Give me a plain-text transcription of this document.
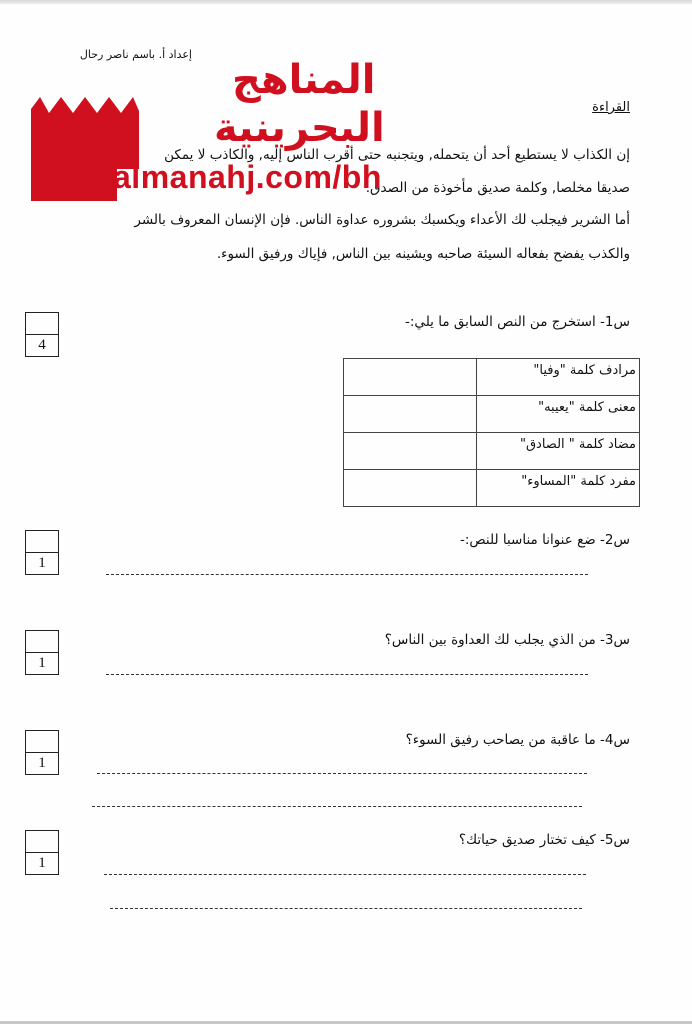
إعداد أ. باسم ناصر رحال
المناهج
البحرينية	القراءة
إن الكذاب لا يستطيع أحد أن يتحمله, ويتجنبه حتى أقرب الناس إليه, والكاذب لا يمكن
صديقا مخلصا, وكلمة صديق مأخوذة من الصدق.
أما الشرير فيجلب لك الأعداء ويكسبك بشروره عداوة الناس. فإن الإنسان المعروف بالشر
والكذب يفضح بفعاله السيئة صاحبه ويشينه بين الناس, فإياك ورفيق السوء.
almanahj.com/bh
4
س1- استخرج من النص السابق ما يلي:-
مرادف كلمة "وفيا"	
معنى كلمة "يعيبه"	
مضاد كلمة " الصادق"	
مفرد كلمة "المساوء"	
1
س2- ضع عنوانا مناسبا للنص:-
1
س3- من الذي يجلب لك العداوة بين الناس؟
1
س4- ما عاقبة من يصاحب رفيق السوء؟
1
س5- كيف تختار صديق حياتك؟
